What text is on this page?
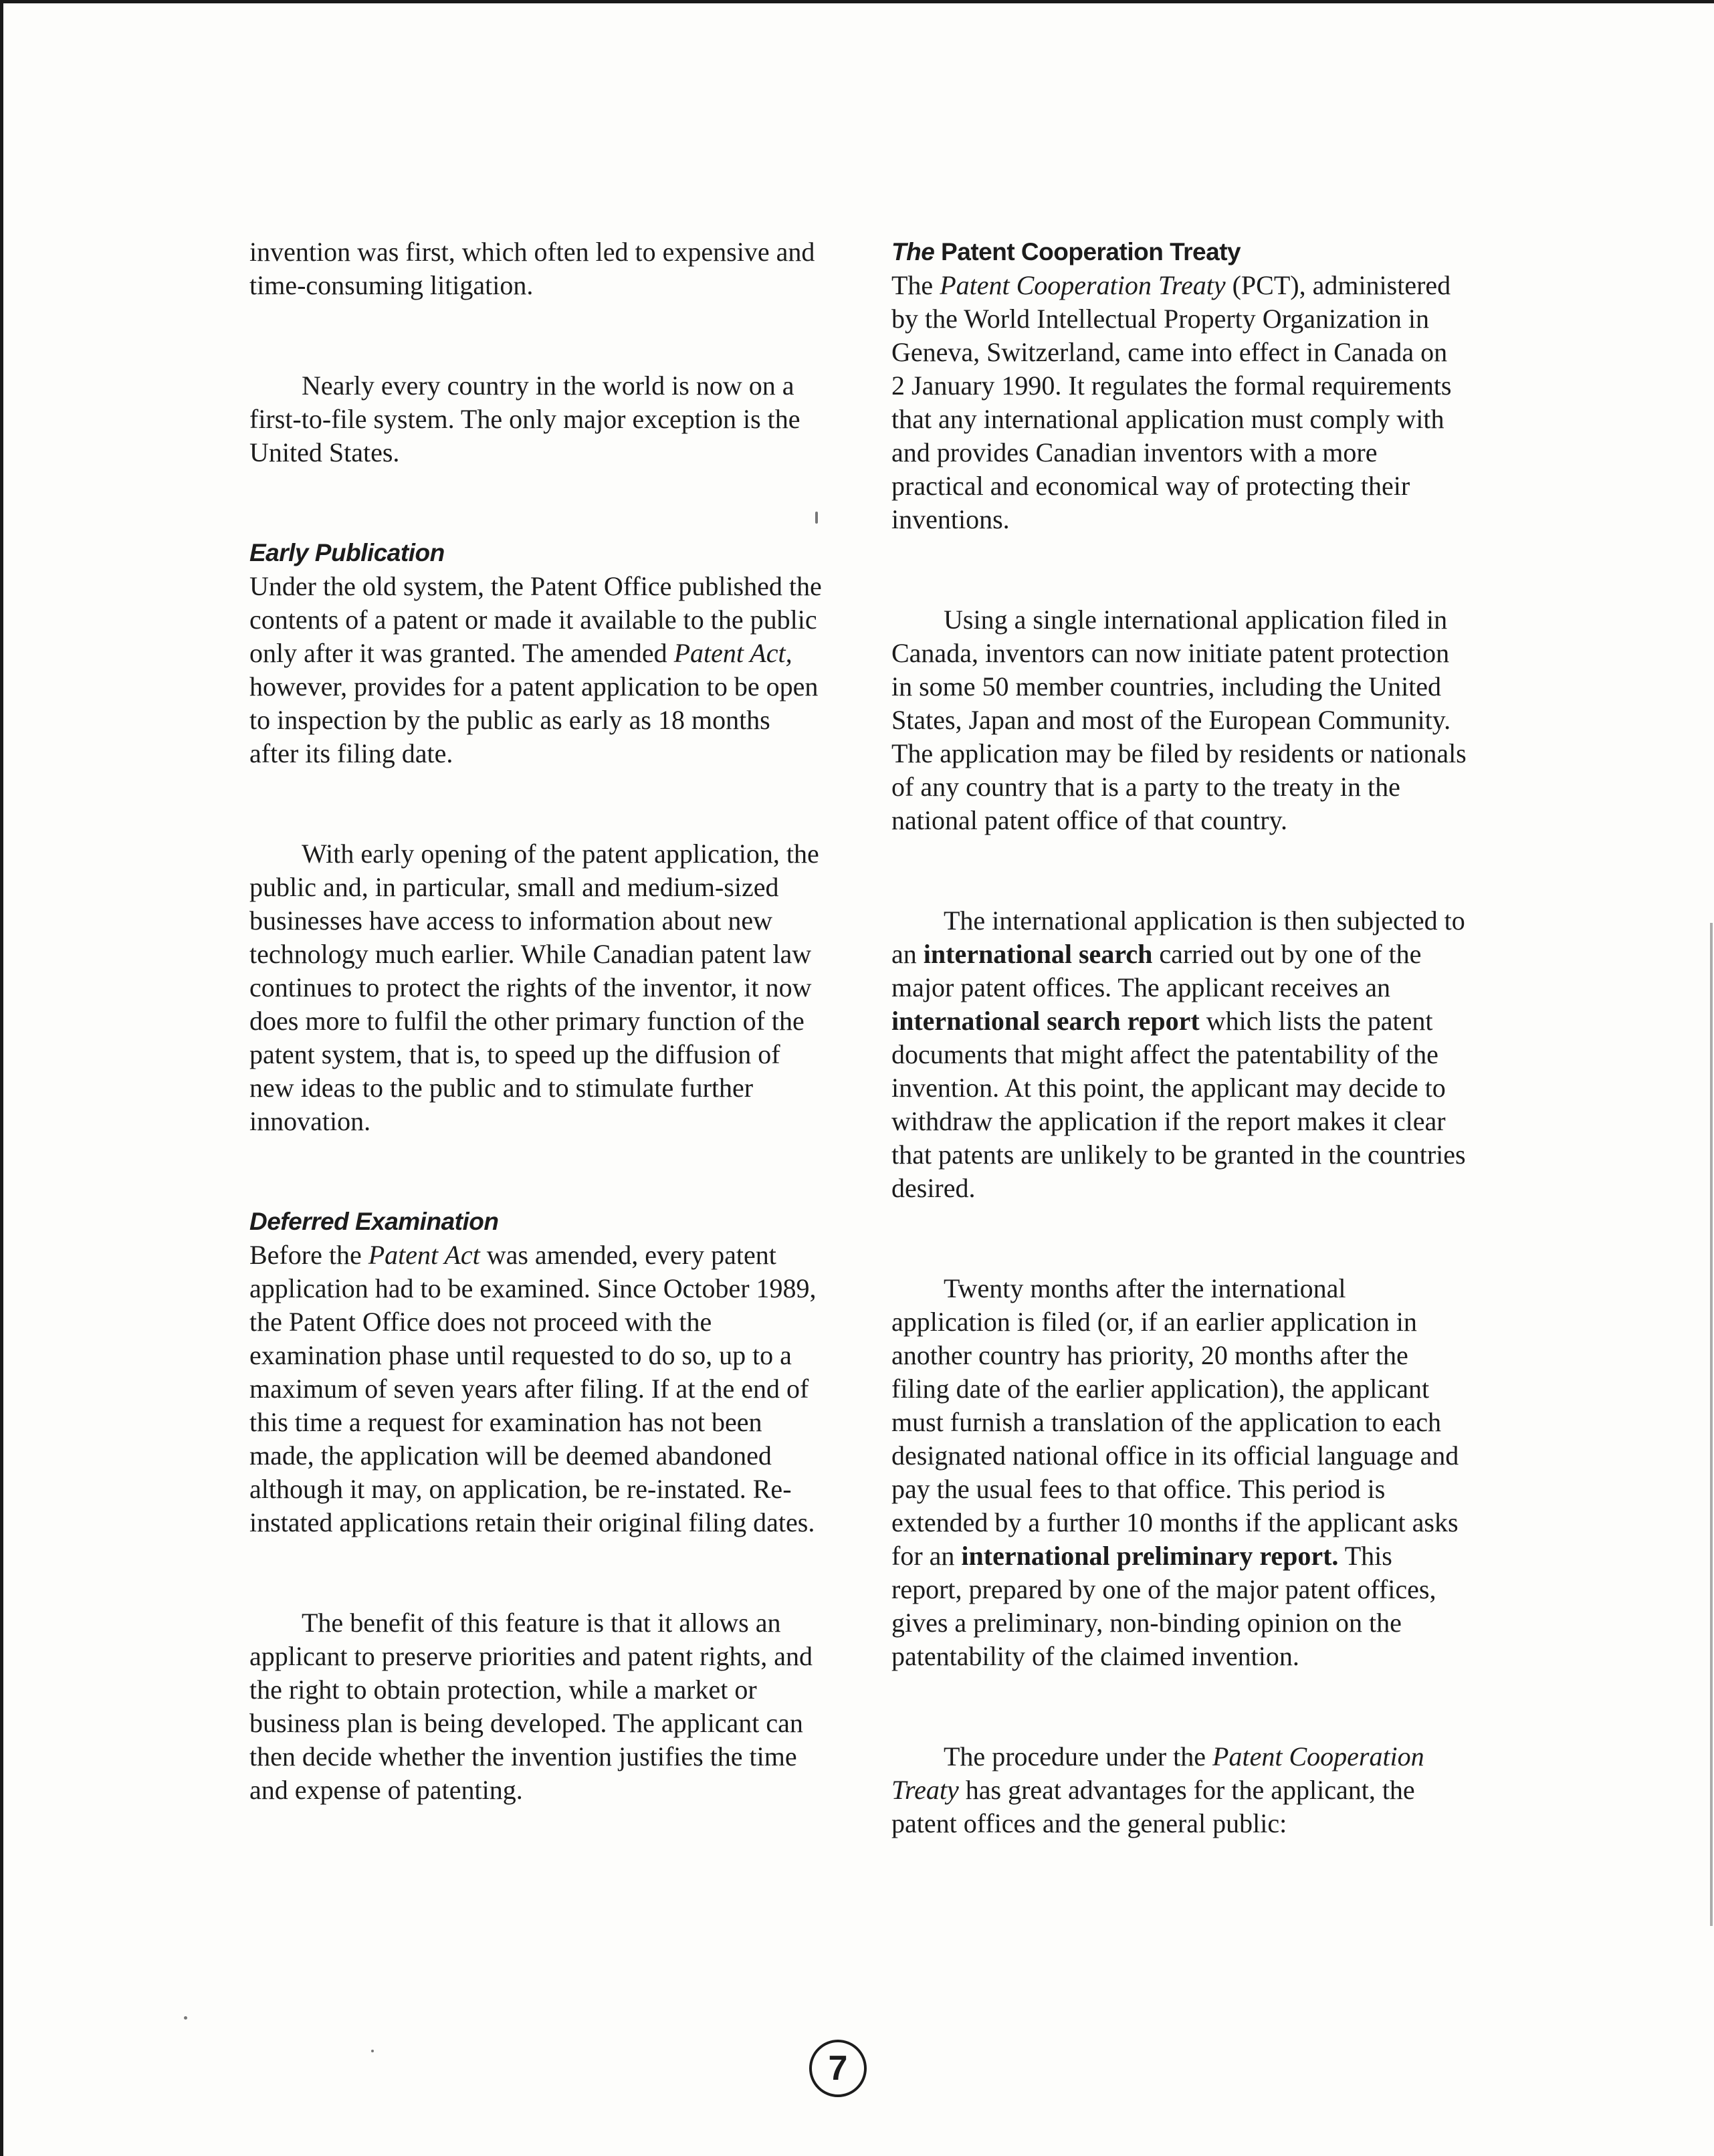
invention was first, which often led to expensive and time-consuming litigation.

Nearly every country in the world is now on a first-to-file system. The only major exception is the United States.

Early Publication

Under the old system, the Patent Office published the contents of a patent or made it available to the public only after it was granted. The amended Patent Act, however, provides for a patent application to be open to inspection by the public as early as 18 months after its filing date.

With early opening of the patent application, the public and, in particular, small and medium-sized businesses have access to information about new technology much earlier. While Canadian patent law continues to protect the rights of the inventor, it now does more to fulfil the other primary function of the patent system, that is, to speed up the diffusion of new ideas to the public and to stimulate further innovation.

Deferred Examination

Before the Patent Act was amended, every patent application had to be examined. Since October 1989, the Patent Office does not proceed with the examination phase until requested to do so, up to a maximum of seven years after filing. If at the end of this time a request for examination has not been made, the application will be deemed abandoned although it may, on application, be re-instated. Re-instated applications retain their original filing dates.

The benefit of this feature is that it allows an applicant to preserve priorities and patent rights, and the right to obtain protection, while a market or business plan is being developed. The applicant can then decide whether the invention justifies the time and expense of patenting.

The Patent Cooperation Treaty

The Patent Cooperation Treaty (PCT), administered by the World Intellectual Property Organization in Geneva, Switzerland, came into effect in Canada on 2 January 1990. It regulates the formal requirements that any international application must comply with and provides Canadian inventors with a more practical and economical way of protecting their inventions.

Using a single international application filed in Canada, inventors can now initiate patent protection in some 50 member countries, including the United States, Japan and most of the European Community. The application may be filed by residents or nationals of any country that is a party to the treaty in the national patent office of that country.

The international application is then subjected to an international search carried out by one of the major patent offices. The applicant receives an international search report which lists the patent documents that might affect the patentability of the invention. At this point, the applicant may decide to withdraw the application if the report makes it clear that patents are unlikely to be granted in the countries desired.

Twenty months after the international application is filed (or, if an earlier application in another country has priority, 20 months after the filing date of the earlier application), the applicant must furnish a translation of the application to each designated national office in its official language and pay the usual fees to that office. This period is extended by a further 10 months if the applicant asks for an international preliminary report. This report, prepared by one of the major patent offices, gives a preliminary, non-binding opinion on the patentability of the claimed invention.

The procedure under the Patent Cooperation Treaty has great advantages for the applicant, the patent offices and the general public:

7
